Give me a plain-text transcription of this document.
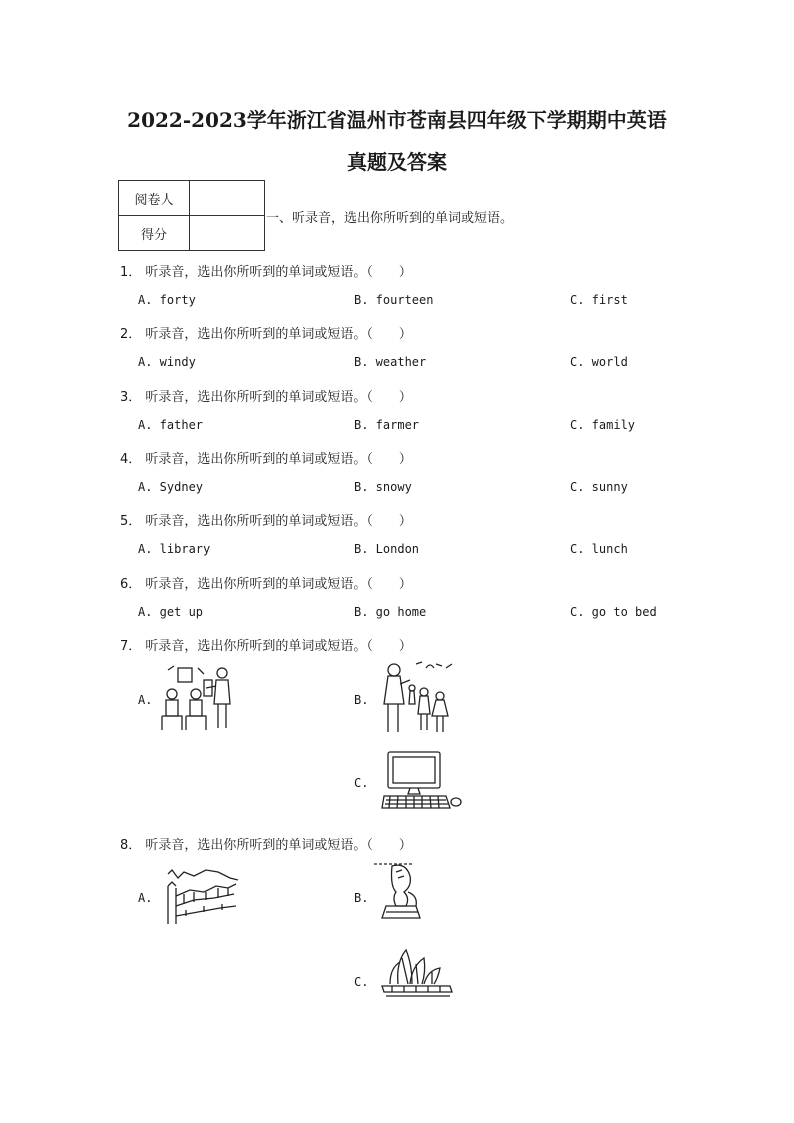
2022-2023学年浙江省温州市苍南县四年级下学期期中英语
真题及答案
阅卷人	
得分	
一、听录音，选出你所听到的单词或短语。
1． 听录音，选出你所听到的单词或短语。（　　）
A. forty	B. fourteen	C. first
2． 听录音，选出你所听到的单词或短语。（　　）
A. windy	B. weather	C. world
3． 听录音，选出你所听到的单词或短语。（　　）
A. father	B. farmer	C. family
4． 听录音，选出你所听到的单词或短语。（　　）
A. Sydney	B. snowy	C. sunny
5． 听录音，选出你所听到的单词或短语。（　　）
A. library	B. London	C. lunch
6． 听录音，选出你所听到的单词或短语。（　　）
A. get up	B. go home	C. go to bed
7． 听录音，选出你所听到的单词或短语。（　　）
A.	B.
C.
8． 听录音，选出你所听到的单词或短语。（　　）
A.	B.
C.
